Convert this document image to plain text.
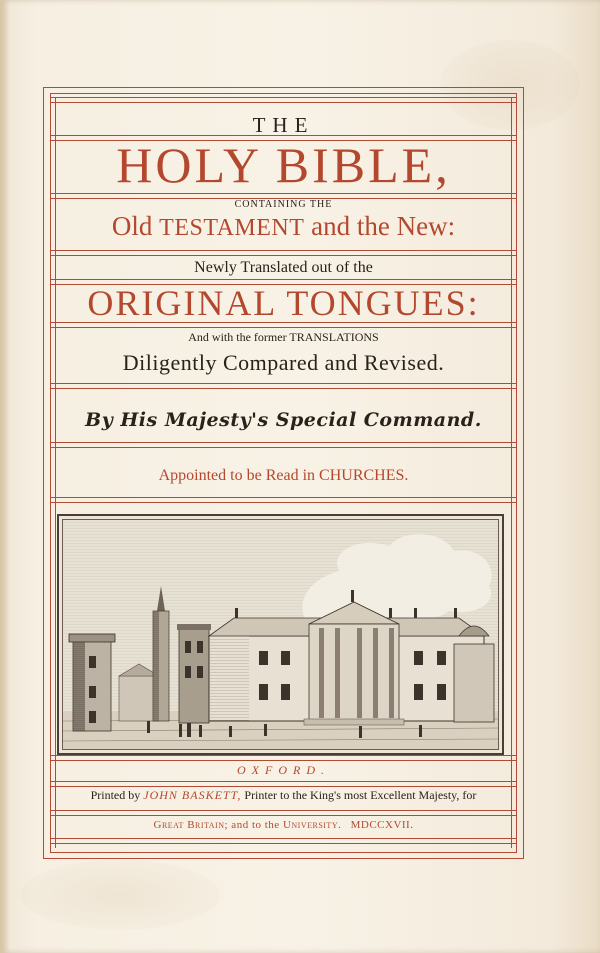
THE
HOLY BIBLE,
CONTAINING THE
Old TESTAMENT and the New:
Newly Translated out of the
ORIGINAL TONGUES:
And with the former TRANSLATIONS
Diligently Compared and Revised.
By His Majesty's Special Command.
Appointed to be Read in CHURCHES.
OXFORD.
Printed by JOHN BASKETT, Printer to the King's most Excellent Majesty, for
Great Britain; and to the University. MDCCXVII.
